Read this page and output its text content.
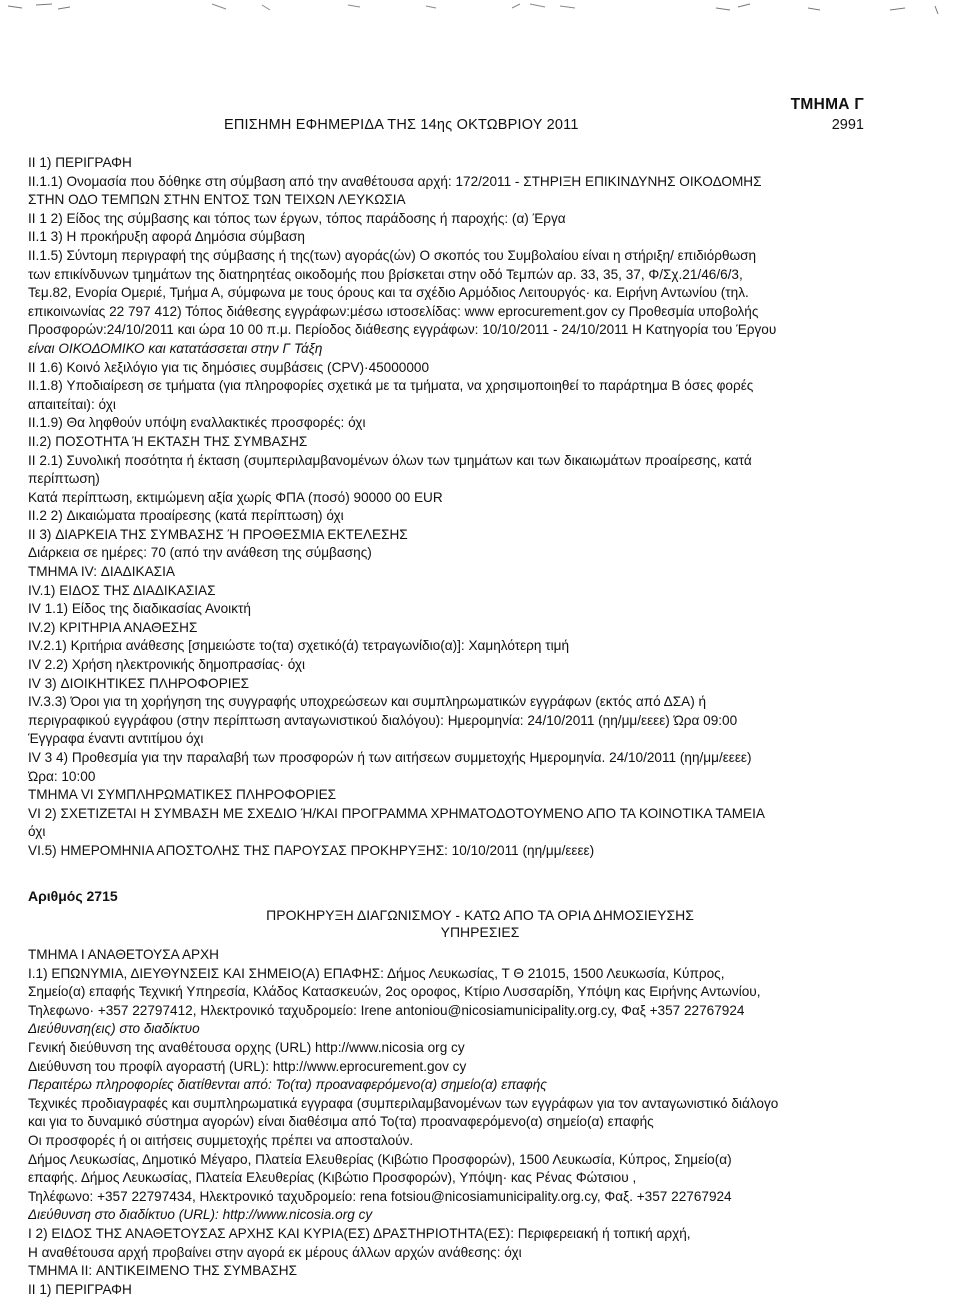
ΤΜΗΜΑ Γ
ΕΠΙΣΗΜΗ ΕΦΗΜΕΡΙΔΑ ΤΗΣ 14ης ΟΚΤΩΒΡΙΟΥ 2011	2991
II 1) ΠΕΡΙΓΡΑΦΗ
II.1.1) Ονομασία που δόθηκε στη σύμβαση από την αναθέτουσα αρχή: 172/2011 - ΣΤΗΡΙΞΗ ΕΠΙΚΙΝΔΥΝΗΣ ΟΙΚΟΔΟΜΗΣ
ΣΤΗΝ ΟΔΟ ΤΕΜΠΩΝ ΣΤΗΝ ΕΝΤΟΣ ΤΩΝ ΤΕΙΧΩΝ ΛΕΥΚΩΣΙΑ
II 1 2) Είδος της σύμβασης και τόπος των έργων, τόπος παράδοσης ή παροχής: (α) Έργα
II.1 3) Η προκήρυξη αφορά Δημόσια σύμβαση
II.1.5) Σύντομη περιγραφή της σύμβασης ή της(των) αγοράς(ών) Ο σκοπός του Συμβολαίου είναι η στήριξη/ επιδιόρθωση
των επικίνδυνων τμημάτων της διατηρητέας οικοδομής που βρίσκεται στην οδό Τεμπών αρ. 33, 35, 37, Φ/Σχ.21/46/6/3,
Τεμ.82, Ενορία Ομεριέ, Τμήμα Α, σύμφωνα με τους όρους και τα σχέδιο Αρμόδιος Λειτουργός· κα. Ειρήνη Αντωνίου (τηλ.
επικοινωνίας 22 797 412) Τόπος διάθεσης εγγράφων:μέσω ιστοσελίδας: www eprocurement.gov cy Προθεσμία υποβολής
Προσφορών:24/10/2011 και ώρα 10 00 π.μ. Περίοδος διάθεσης εγγράφων: 10/10/2011 - 24/10/2011 Η Κατηγορία του Έργου
είναι ΟΙΚΟΔΟΜΙΚΟ και κατατάσσεται στην Γ Τάξη
II 1.6) Κοινό λεξιλόγιο για τις δημόσιες συμβάσεις (CPV)·45000000
II.1.8) Υποδιαίρεση σε τμήματα (για πληροφορίες σχετικά με τα τμήματα, να χρησιμοποιηθεί το παράρτημα Β όσες φορές
απαιτείται): όχι
II.1.9) Θα ληφθούν υπόψη εναλλακτικές προσφορές: όχι
II.2) ΠΟΣΟΤΗΤΑ Ή ΕΚΤΑΣΗ ΤΗΣ ΣΥΜΒΑΣΗΣ
II 2.1) Συνολική ποσότητα ή έκταση (συμπεριλαμβανομένων όλων των τμημάτων και των δικαιωμάτων προαίρεσης, κατά
περίπτωση)
Κατά περίπτωση, εκτιμώμενη αξία χωρίς ΦΠΑ (ποσό) 90000 00 EUR
II.2 2) Δικαιώματα προαίρεσης (κατά περίπτωση) όχι
II 3) ΔΙΑΡΚΕΙΑ ΤΗΣ ΣΥΜΒΑΣΗΣ Ή ΠΡΟΘΕΣΜΙΑ ΕΚΤΕΛΕΣΗΣ
Διάρκεια σε ημέρες: 70 (από την ανάθεση της σύμβασης)
ΤΜΗΜΑ IV: ΔΙΑΔΙΚΑΣΙΑ
IV.1) ΕΙΔΟΣ ΤΗΣ ΔΙΑΔΙΚΑΣΙΑΣ
IV 1.1) Είδος της διαδικασίας Ανοικτή
IV.2) ΚΡΙΤΗΡΙΑ ΑΝΑΘΕΣΗΣ
IV.2.1) Κριτήρια ανάθεσης [σημειώστε το(τα) σχετικό(ά) τετραγωνίδιο(α)]: Χαμηλότερη τιμή
IV 2.2) Χρήση ηλεκτρονικής δημοπρασίας· όχι
IV 3) ΔΙΟΙΚΗΤΙΚΕΣ ΠΛΗΡΟΦΟΡΙΕΣ
IV.3.3) Όροι για τη χορήγηση της συγγραφής υποχρεώσεων και συμπληρωματικών εγγράφων (εκτός από ΔΣΑ) ή
περιγραφικού εγγράφου (στην περίπτωση ανταγωνιστικού διαλόγου): Ημερομηνία: 24/10/2011 (ηη/μμ/εεεε) Ώρα 09:00
Έγγραφα έναντι αντιτίμου όχι
IV 3 4) Προθεσμία για την παραλαβή των προσφορών ή των αιτήσεων συμμετοχής Ημερομηνία. 24/10/2011 (ηη/μμ/εεεε)
Ώρα: 10:00
ΤΜΗΜΑ VI ΣΥΜΠΛΗΡΩΜΑΤΙΚΕΣ ΠΛΗΡΟΦΟΡΙΕΣ
VI 2) ΣΧΕΤΙΖΕΤΑΙ Η ΣΥΜΒΑΣΗ ΜΕ ΣΧΕΔΙΟ Ή/ΚΑΙ ΠΡΟΓΡΑΜΜΑ ΧΡΗΜΑΤΟΔΟΤΟΥΜΕΝΟ ΑΠΟ ΤΑ ΚΟΙΝΟΤΙΚΑ ΤΑΜΕΙΑ
όχι
VI.5) ΗΜΕΡΟΜΗΝΙΑ ΑΠΟΣΤΟΛΗΣ ΤΗΣ ΠΑΡΟΥΣΑΣ ΠΡΟΚΗΡΥΞΗΣ: 10/10/2011 (ηη/μμ/εεεε)
Αριθμός 2715
ΠΡΟΚΗΡΥΞΗ ΔΙΑΓΩΝΙΣΜΟΥ - ΚΑΤΩ ΑΠΟ ΤΑ ΟΡΙΑ ΔΗΜΟΣΙΕΥΣΗΣ
ΥΠΗΡΕΣΙΕΣ
ΤΜΗΜΑ Ι ΑΝΑΘΕΤΟΥΣΑ ΑΡΧΗ
I.1) ΕΠΩΝΥΜΙΑ, ΔΙΕΥΘΥΝΣΕΙΣ ΚΑΙ ΣΗΜΕΙΟ(Α) ΕΠΑΦΗΣ: Δήμος Λευκωσίας, Τ Θ 21015, 1500 Λευκωσία, Κύπρος,
Σημείο(α) επαφής Τεχνική Υπηρεσία, Κλάδος Κατασκευών, 2ος οροφος, Κτίριο Λυσσαρίδη, Υπόψη κας Ειρήνης Αντωνίου,
Τηλεφωνο· +357 22797412, Ηλεκτρονικό ταχυδρομείο: Irene antoniou@nicosiamunicipality.org.cy, Φαξ +357 22767924
Διεύθυνση(εις) στο διαδίκτυο
Γενική διεύθυνση της αναθέτουσα ορχης (URL) http://www.nicosia org cy
Διεύθυνση του προφίλ αγοραστή (URL): http://www.eprocurement.gov cy
Περαιτέρω πληροφορίες διατίθενται από: Το(τα) προαναφερόμενο(α) σημείο(α) επαφής
Τεχνικές προδιαγραφές και συμπληρωματικά εγγραφα (συμπεριλαμβανομένων των εγγράφων για τον ανταγωνιστικό διάλογο
και για το δυναμικό σύστημα αγορών) είναι διαθέσιμα από To(τα) προαναφερόμενο(α) σημείο(α) επαφής
Οι προσφορές ή οι αιτήσεις συμμετοχής πρέπει να αποσταλούν.
Δήμος Λευκωσίας, Δημοτικό Μέγαρο, Πλατεία Ελευθερίας (Κιβώτιο Προσφορών), 1500 Λευκωσία, Κύπρος, Σημείο(α)
επαφής. Δήμος Λευκωσίας, Πλατεία Ελευθερίας (Κιβώτιο Προσφορών), Υπόψη· κας Ρένας Φώτσιου ,
Τηλέφωνο: +357 22797434, Ηλεκτρονικό ταχυδρομείο: rena fotsiou@nicosiamunicipality.org.cy, Φαξ. +357 22767924
Διεύθυνση στο διαδίκτυο (URL): http://www.nicosia.org cy
I 2) ΕΙΔΟΣ ΤΗΣ ΑΝΑΘΕΤΟΥΣΑΣ ΑΡΧΗΣ ΚΑΙ ΚΥΡΙΑ(ΕΣ) ΔΡΑΣΤΗΡΙΟΤΗΤΑ(ΕΣ): Περιφερειακή ή τοπική αρχή,
Η αναθέτουσα αρχή προβαίνει στην αγορά εκ μέρους άλλων αρχών ανάθεσης: όχι
ΤΜΗΜΑ II: ΑΝΤΙΚΕΙΜΕΝΟ ΤΗΣ ΣΥΜΒΑΣΗΣ
II 1) ΠΕΡΙΓΡΑΦΗ
